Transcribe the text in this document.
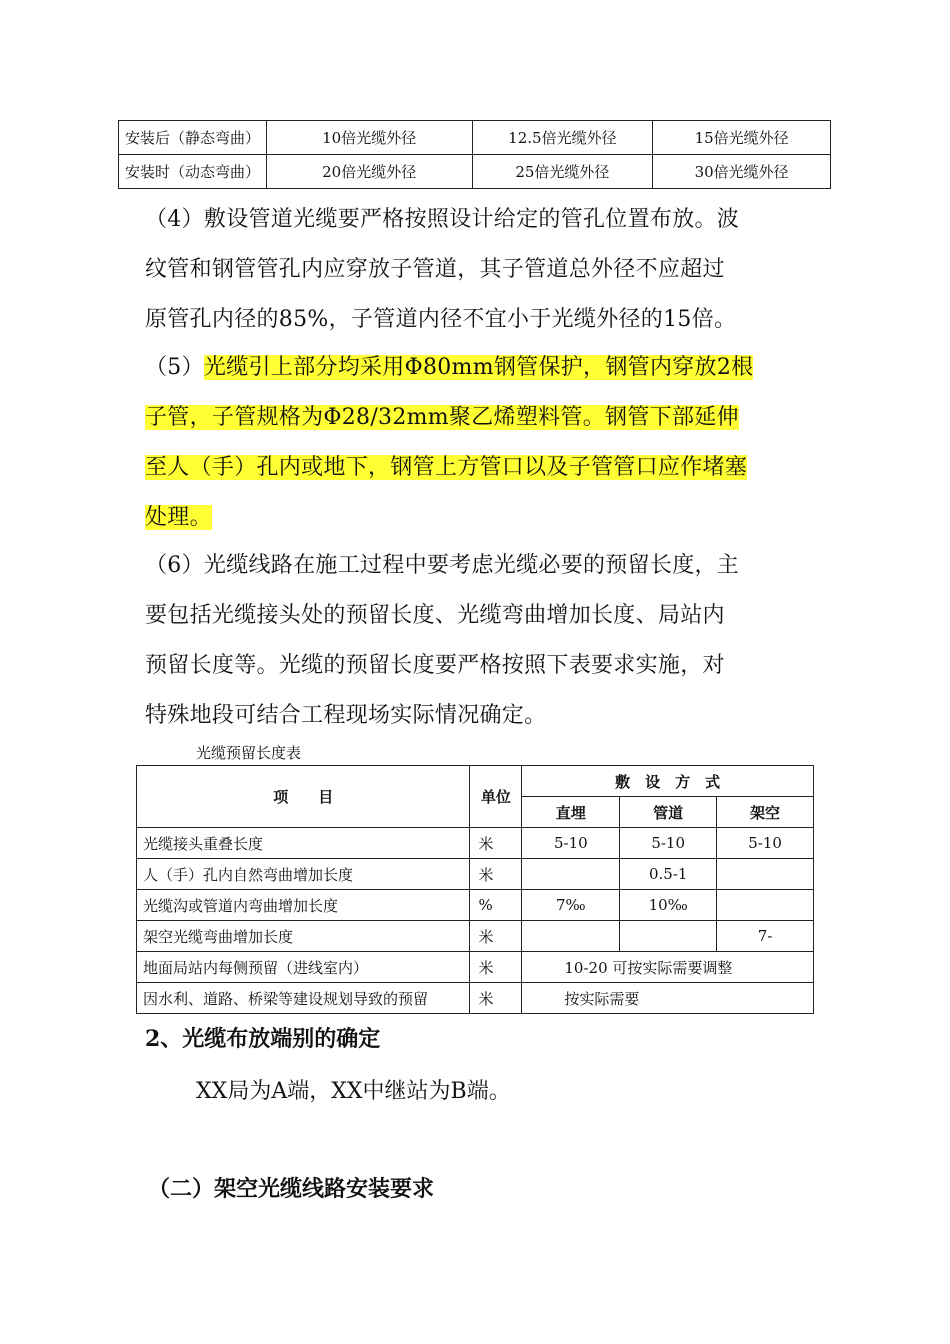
安装后（静态弯曲）	10倍光缆外径	12.5倍光缆外径	15倍光缆外径
安装时（动态弯曲）	20倍光缆外径	25倍光缆外径	30倍光缆外径
（4）敷设管道光缆要严格按照设计给定的管孔位置布放。波
纹管和钢管管孔内应穿放子管道，其子管道总外径不应超过
原管孔内径的85%，子管道内径不宜小于光缆外径的15倍。
（5）光缆引上部分均采用Φ80mm钢管保护，钢管内穿放2根
子管，子管规格为Φ28/32mm聚乙烯塑料管。钢管下部延伸
至人（手）孔内或地下，钢管上方管口以及子管管口应作堵塞
处理。
（6）光缆线路在施工过程中要考虑光缆必要的预留长度，主
要包括光缆接头处的预留长度、光缆弯曲增加长度、局站内
预留长度等。光缆的预留长度要严格按照下表要求实施，对
特殊地段可结合工程现场实际情况确定。
光缆预留长度表
项　　目	单位	敷　设　方　式		
		直埋	管道	架空
光缆接头重叠长度	米	5-10	5-10	5-10
人（手）孔内自然弯曲增加长度	米		0.5-1	
光缆沟或管道内弯曲增加长度	%	7‰	10‰	
架空光缆弯曲增加长度	米			7-
地面局站内每侧预留（进线室内）	米	10-20 可按实际需要调整		
因水利、道路、桥梁等建设规划导致的预留	米	按实际需要		
2、光缆布放端别的确定
XX局为A端，XX中继站为B端。
（二）架空光缆线路安装要求
